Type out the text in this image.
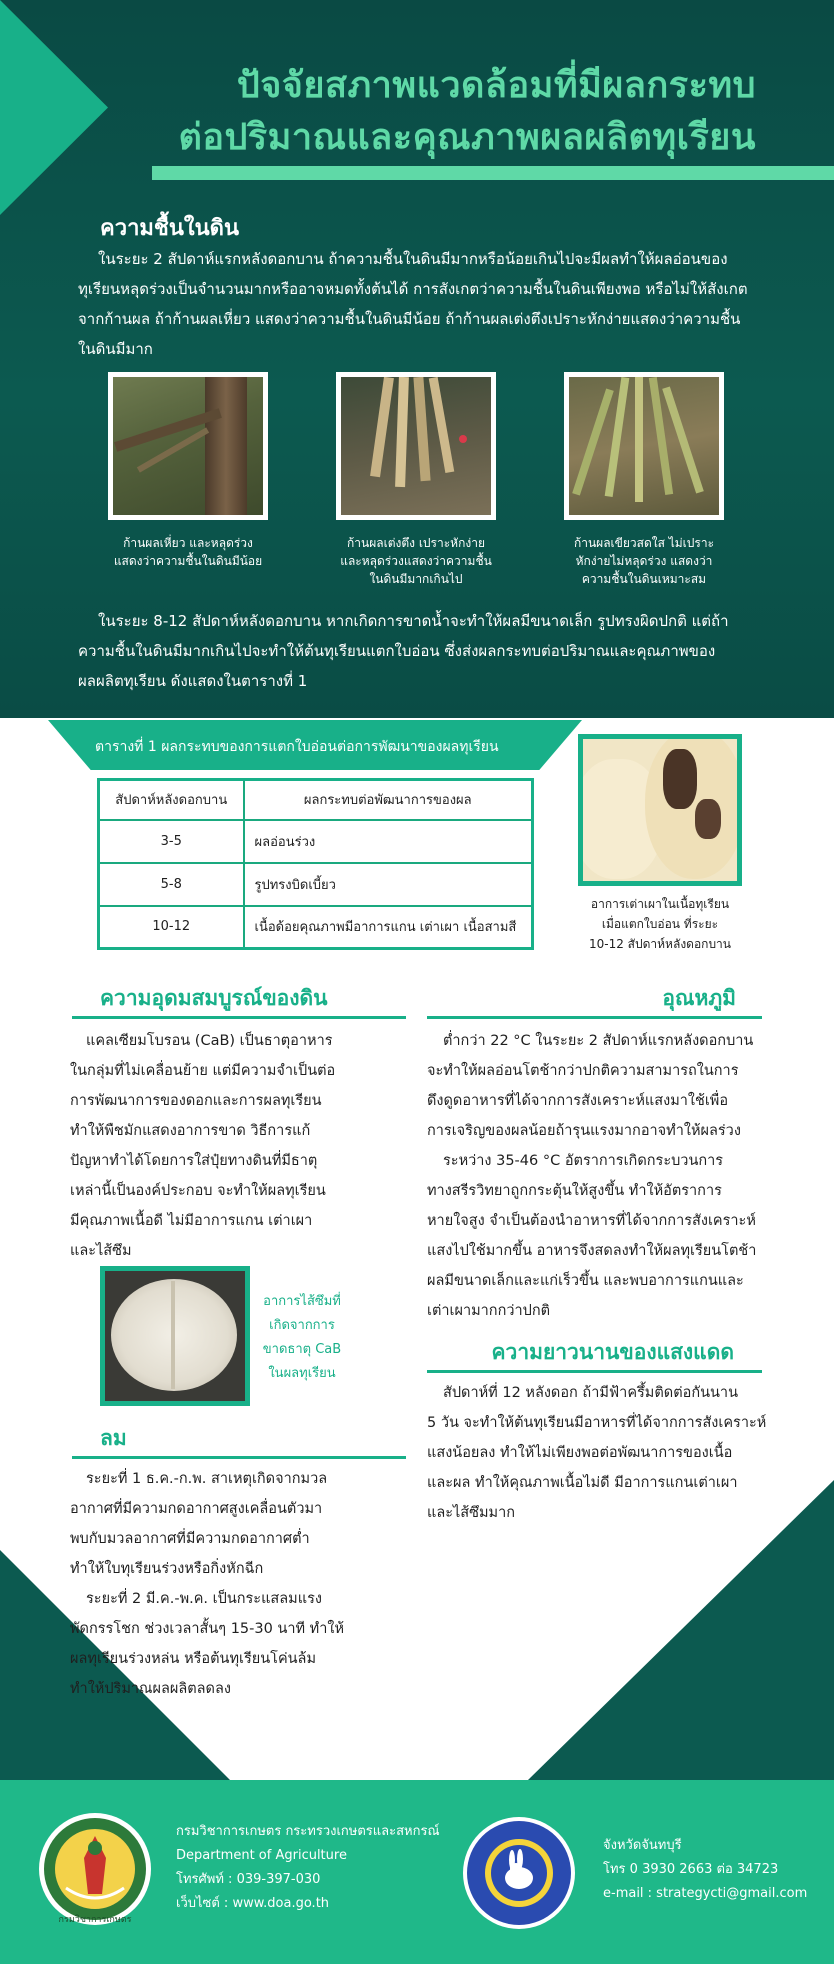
ปัจจัยสภาพแวดล้อมที่มีผลกระทบ
ต่อปริมาณและคุณภาพผลผลิตทุเรียน
ความชื้นในดิน
ในระยะ 2 สัปดาห์แรกหลังดอกบาน ถ้าความชื้นในดินมีมากหรือน้อยเกินไปจะมีผลทำให้ผลอ่อนของ
ทุเรียนหลุดร่วงเป็นจำนวนมากหรืออาจหมดทั้งต้นได้ การสังเกตว่าความชื้นในดินเพียงพอ หรือไม่ให้สังเกต
จากก้านผล ถ้าก้านผลเหี่ยว แสดงว่าความชื้นในดินมีน้อย ถ้าก้านผลเต่งตึงเปราะหักง่ายแสดงว่าความชื้น
ในดินมีมาก
ก้านผลเหี่ยว และหลุดร่วง
แสดงว่าความชื้นในดินมีน้อย
ก้านผลเต่งตึง เปราะหักง่าย
และหลุดร่วงแสดงว่าความชื้น
ในดินมีมากเกินไป
ก้านผลเขียวสดใส ไม่เปราะ
หักง่ายไม่หลุดร่วง แสดงว่า
ความชื้นในดินเหมาะสม
ในระยะ 8-12 สัปดาห์หลังดอกบาน หากเกิดการขาดน้ำจะทำให้ผลมีขนาดเล็ก รูปทรงผิดปกติ แต่ถ้า
ความชื้นในดินมีมากเกินไปจะทำให้ต้นทุเรียนแตกใบอ่อน ซึ่งส่งผลกระทบต่อปริมาณและคุณภาพของ
ผลผลิตทุเรียน ดังแสดงในตารางที่ 1
ตารางที่ 1 ผลกระทบของการแตกใบอ่อนต่อการพัฒนาของผลทุเรียน
สัปดาห์หลังดอกบาน	ผลกระทบต่อพัฒนาการของผล
3-5	ผลอ่อนร่วง
5-8	รูปทรงบิดเบี้ยว
10-12	เนื้อด้อยคุณภาพมีอาการแกน เต่าเผา เนื้อสามสี
อาการเต่าเผาในเนื้อทุเรียน
เมื่อแตกใบอ่อน ที่ระยะ
10-12 สัปดาห์หลังดอกบาน
ความอุดมสมบูรณ์ของดิน
แคลเซียมโบรอน (CaB) เป็นธาตุอาหาร
ในกลุ่มที่ไม่เคลื่อนย้าย แต่มีความจำเป็นต่อ
การพัฒนาการของดอกและการผลทุเรียน
ทำให้พืชมักแสดงอาการขาด วิธีการแก้
ปัญหาทำได้โดยการใส่ปุ๋ยทางดินที่มีธาตุ
เหล่านี้เป็นองค์ประกอบ จะทำให้ผลทุเรียน
มีคุณภาพเนื้อดี ไม่มีอาการแกน เต่าเผา
และไส้ซึม
อาการไส้ซึมที่
เกิดจากการ
ขาดธาตุ CaB
ในผลทุเรียน
ลม
ระยะที่ 1 ธ.ค.-ก.พ. สาเหตุเกิดจากมวล
อากาศที่มีความกดอากาศสูงเคลื่อนตัวมา
พบกับมวลอากาศที่มีความกดอากาศต่ำ
ทำให้ใบทุเรียนร่วงหรือกิ่งหักฉีก
ระยะที่ 2 มี.ค.-พ.ค. เป็นกระแสลมแรง
พัดกรรโชก ช่วงเวลาสั้นๆ 15-30 นาที ทำให้
ผลทุเรียนร่วงหล่น หรือต้นทุเรียนโค่นล้ม
ทำให้ปริมาณผลผลิตลดลง
อุณหภูมิ
ต่ำกว่า 22 °C ในระยะ 2 สัปดาห์แรกหลังดอกบาน
จะทำให้ผลอ่อนโตช้ากว่าปกติความสามารถในการ
ดึงดูดอาหารที่ได้จากการสังเคราะห์แสงมาใช้เพื่อ
การเจริญของผลน้อยถ้ารุนแรงมากอาจทำให้ผลร่วง
ระหว่าง 35-46 °C อัตราการเกิดกระบวนการ
ทางสรีรวิทยาถูกกระตุ้นให้สูงขึ้น ทำให้อัตราการ
หายใจสูง จำเป็นต้องนำอาหารที่ได้จากการสังเคราะห์
แสงไปใช้มากขึ้น อาหารจึงสดลงทำให้ผลทุเรียนโตช้า
ผลมีขนาดเล็กและแก่เร็วขึ้น และพบอาการแกนและ
เต่าเผามากกว่าปกติ
ความยาวนานของแสงแดด
สัปดาห์ที่ 12 หลังดอก ถ้ามีฟ้าครึ้มติดต่อกันนาน
5 วัน จะทำให้ต้นทุเรียนมีอาหารที่ได้จากการสังเคราะห์
แสงน้อยลง ทำให้ไม่เพียงพอต่อพัฒนาการของเนื้อ
และผล ทำให้คุณภาพเนื้อไม่ดี มีอาการแกนเต่าเผา
และไส้ซึมมาก
กรมวิชาการเกษตร
กรมวิชาการเกษตร กระทรวงเกษตรและสหกรณ์
Department of Agriculture
โทรศัพท์ : 039-397-030
เว็บไซต์ : www.doa.go.th
จังหวัดจันทบุรี
โทร 0 3930 2663 ต่อ 34723
e-mail : strategycti@gmail.com
